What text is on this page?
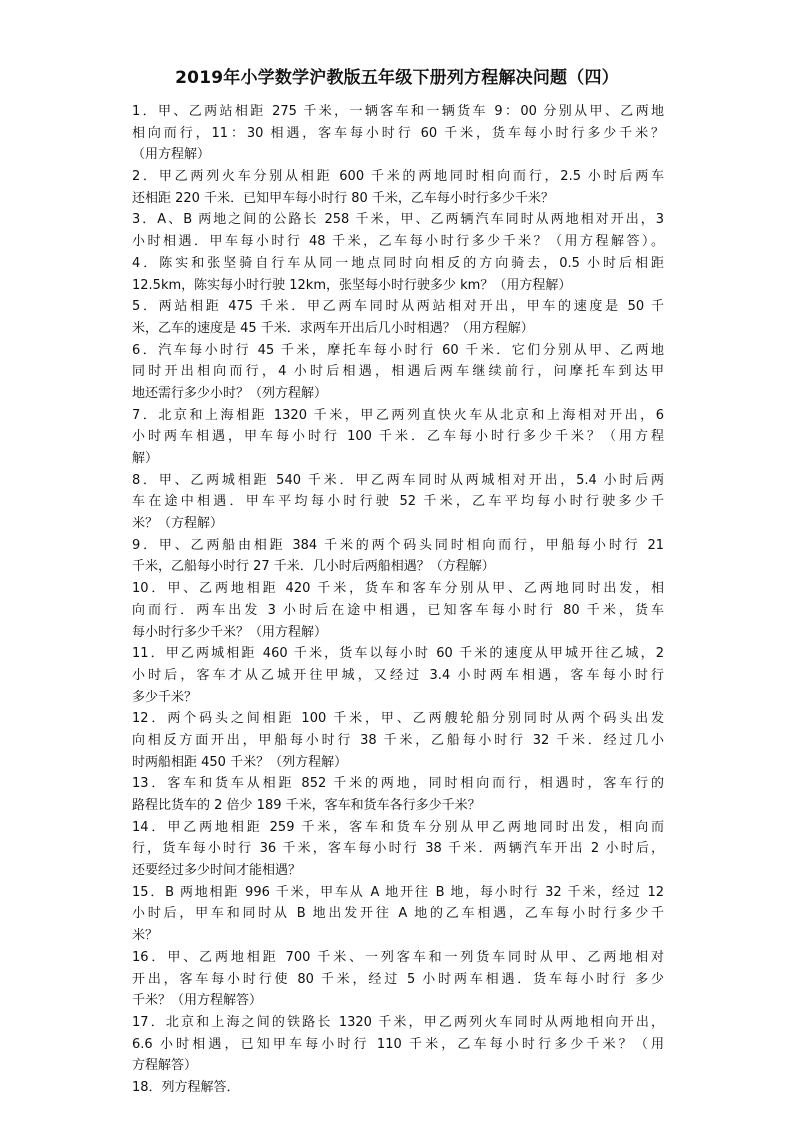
2019年小学数学沪教版五年级下册列方程解决问题（四）
1．甲、乙两站相距 275 千米，一辆客车和一辆货车 9：00 分别从甲、乙两地
相向而行，11：30 相遇，客车每小时行 60 千米，货车每小时行多少千米？
（用方程解）
2．甲乙两列火车分别从相距 600 千米的两地同时相向而行，2.5 小时后两车
还相距 220 千米．已知甲车每小时行 80 千米，乙车每小时行多少千米？
3．A、B 两地之间的公路长 258 千米，甲、乙两辆汽车同时从两地相对开出，3
小时相遇．甲车每小时行 48 千米，乙车每小时行多少千米？（用方程解答）。
4．陈实和张坚骑自行车从同一地点同时向相反的方向骑去，0.5 小时后相距
12.5km，陈实每小时行驶 12km，张坚每小时行驶多少 km？（用方程解）
5．两站相距 475 千米．甲乙两车同时从两站相对开出，甲车的速度是 50 千
米，乙车的速度是 45 千米．求两车开出后几小时相遇？（用方程解）
6．汽车每小时行 45 千米，摩托车每小时行 60 千米．它们分别从甲、乙两地
同时开出相向而行，4 小时后相遇，相遇后两车继续前行，问摩托车到达甲
地还需行多少小时？（列方程解）
7．北京和上海相距 1320 千米，甲乙两列直快火车从北京和上海相对开出，6
小时两车相遇，甲车每小时行 100 千米．乙车每小时行多少千米？（用方程
解）
8．甲、乙两城相距 540 千米．甲乙两车同时从两城相对开出，5.4 小时后两
车在途中相遇．甲车平均每小时行驶 52 千米，乙车平均每小时行驶多少千
米？（方程解）
9．甲、乙两船由相距 384 千米的两个码头同时相向而行，甲船每小时行 21
千米，乙船每小时行 27 千米．几小时后两船相遇？（方程解）
10．甲、乙两地相距 420 千米，货车和客车分别从甲、乙两地同时出发，相
向而行．两车出发 3 小时后在途中相遇，已知客车每小时行 80 千米，货车
每小时行多少千米？（用方程解）
11．甲乙两城相距 460 千米，货车以每小时 60 千米的速度从甲城开往乙城，2
小时后，客车才从乙城开往甲城，又经过 3.4 小时两车相遇，客车每小时行
多少千米？
12．两个码头之间相距 100 千米，甲、乙两艘轮船分别同时从两个码头出发
向相反方面开出，甲船每小时行 38 千米，乙船每小时行 32 千米．经过几小
时两船相距 450 千米？（列方程解）
13．客车和货车从相距 852 千米的两地，同时相向而行，相遇时，客车行的
路程比货车的 2 倍少 189 千米，客车和货车各行多少千米？
14．甲乙两地相距 259 千米，客车和货车分别从甲乙两地同时出发，相向而
行，货车每小时行 36 千米，客车每小时行 38 千米．两辆汽车开出 2 小时后，
还要经过多少时间才能相遇？
15．B 两地相距 996 千米，甲车从 A 地开往 B 地，每小时行 32 千米，经过 12
小时后，甲车和同时从 B 地出发开往 A 地的乙车相遇，乙车每小时行多少千
米？
16．甲、乙两地相距 700 千米、一列客车和一列货车同时从甲、乙两地相对
开出，客车每小时行使 80 千米，经过 5 小时两车相遇．货车每小时行 多少
千米？（用方程解答）
17．北京和上海之间的铁路长 1320 千米，甲乙两列火车同时从两地相向开出，
6.6 小时相遇，已知甲车每小时行 110 千米，乙车每小时行多少千米？（用
方程解答）
18．列方程解答．
